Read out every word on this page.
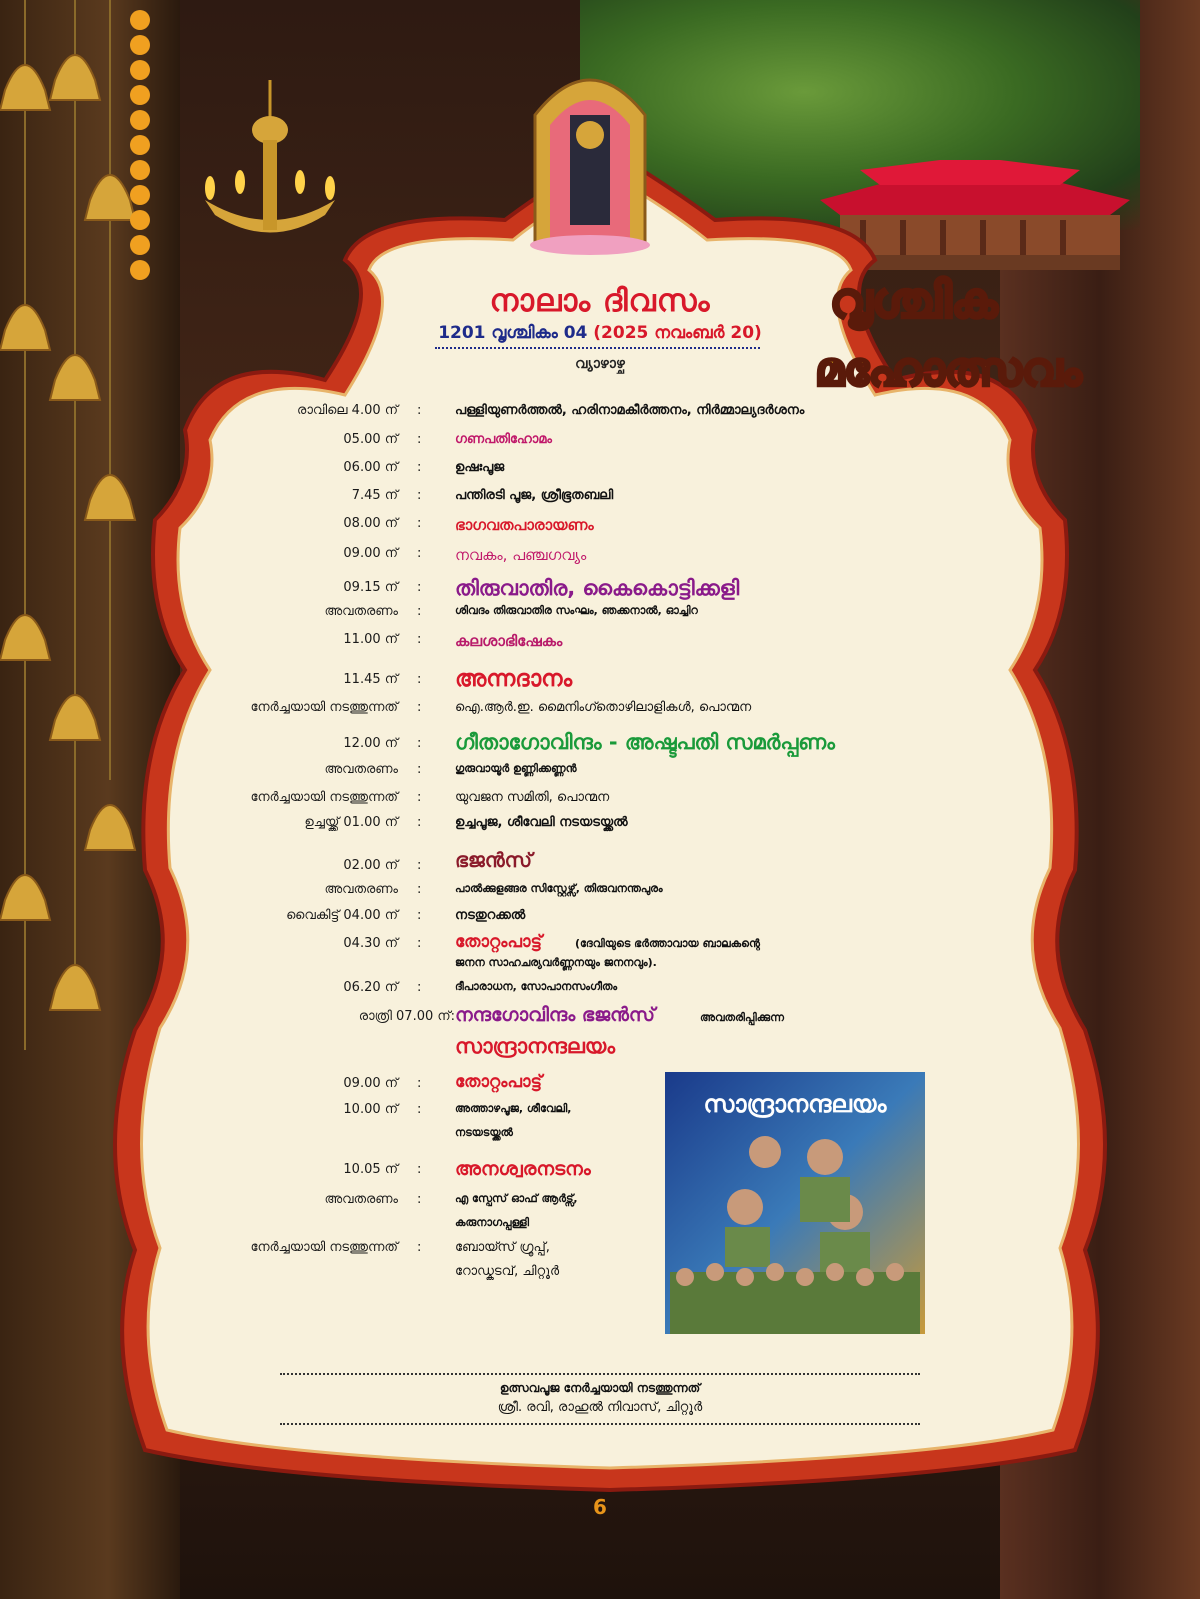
നാലാം ദിവസം
1201 വൃശ്ചികം 04 (2025 നവംബർ 20)
വ്യാഴാഴ്ച
വൃശ്ചിക
മഹോത്സവം
രാവിലെ 4.00 ന് :	പള്ളിയുണർത്തൽ, ഹരിനാമകീർത്തനം, നിർമ്മാല്യദർശനം
05.00 ന് :	ഗണപതിഹോമം
06.00 ന് :	ഉഷഃപൂജ
7.45 ന് :	പന്തിരടി പൂജ, ശ്രീഭൂതബലി
08.00 ന് : ഭാഗവതപാരായണം
09.00 ന് : നവകം, പഞ്ചഗവ്യം
09.15 ന് : തിരുവാതിര, കൈകൊട്ടിക്കളി
അവതരണം :	ശിവദം തിരുവാതിര സംഘം, ഞക്കനാൽ, ഓച്ചിറ
11.00 ന് : കലശാഭിഷേകം
11.45 ന് : അന്നദാനം
നേർച്ചയായി നടത്തുന്നത് :	ഐ.ആർ.ഇ. മൈനിംഗ്തൊഴിലാളികൾ, പൊന്മന
12.00 ന് : ഗീതാഗോവിന്ദം - അഷ്ടപതി സമർപ്പണം
അവതരണം :	ഗുരുവായൂർ ഉണ്ണിക്കണ്ണൻ
നേർച്ചയായി നടത്തുന്നത് :	യുവജന സമിതി, പൊന്മന
ഉച്ചയ്ക്ക് 01.00 ന് :	ഉച്ചപൂജ, ശീവേലി നടയടയ്ക്കൽ
02.00 ന് : ഭജൻസ്
അവതരണം :	പാൽക്കുളങ്ങര സിസ്റ്റേഴ്സ്, തിരുവനന്തപുരം
വൈകിട്ട് 04.00 ന് :	നടതുറക്കൽ
04.30 ന് : തോറ്റംപാട്ട്	(ദേവിയുടെ ഭർത്താവായ ബാലകന്റെ
ജനന സാഹചര്യവർണ്ണനയും ജനനവും).
06.20 ന് :	ദീപാരാധന, സോപാനസംഗീതം
രാത്രി 07.00 ന്: നന്ദഗോവിന്ദം ഭജൻസ്	അവതരിപ്പിക്കുന്ന
സാന്ദ്രാനന്ദലയം
09.00 ന് : തോറ്റംപാട്ട്
10.00 ന് :	അത്താഴപൂജ, ശീവേലി,
നടയടയ്ക്കൽ
10.05 ന് : അനശ്വരനടനം
അവതരണം :	എ സ്പേസ് ഓഫ് ആർട്സ്,
കരുനാഗപ്പള്ളി
നേർച്ചയായി നടത്തുന്നത് :	ബോയ്സ് ഗ്രൂപ്പ്,
റോഡ്കടവ്, ചിറ്റൂർ
സാന്ദ്രാനന്ദലയം
ഉത്സവപൂജ നേർച്ചയായി നടത്തുന്നത്
ശ്രീ. രവി, രാഹുൽ നിവാസ്, ചിറ്റൂർ
6
